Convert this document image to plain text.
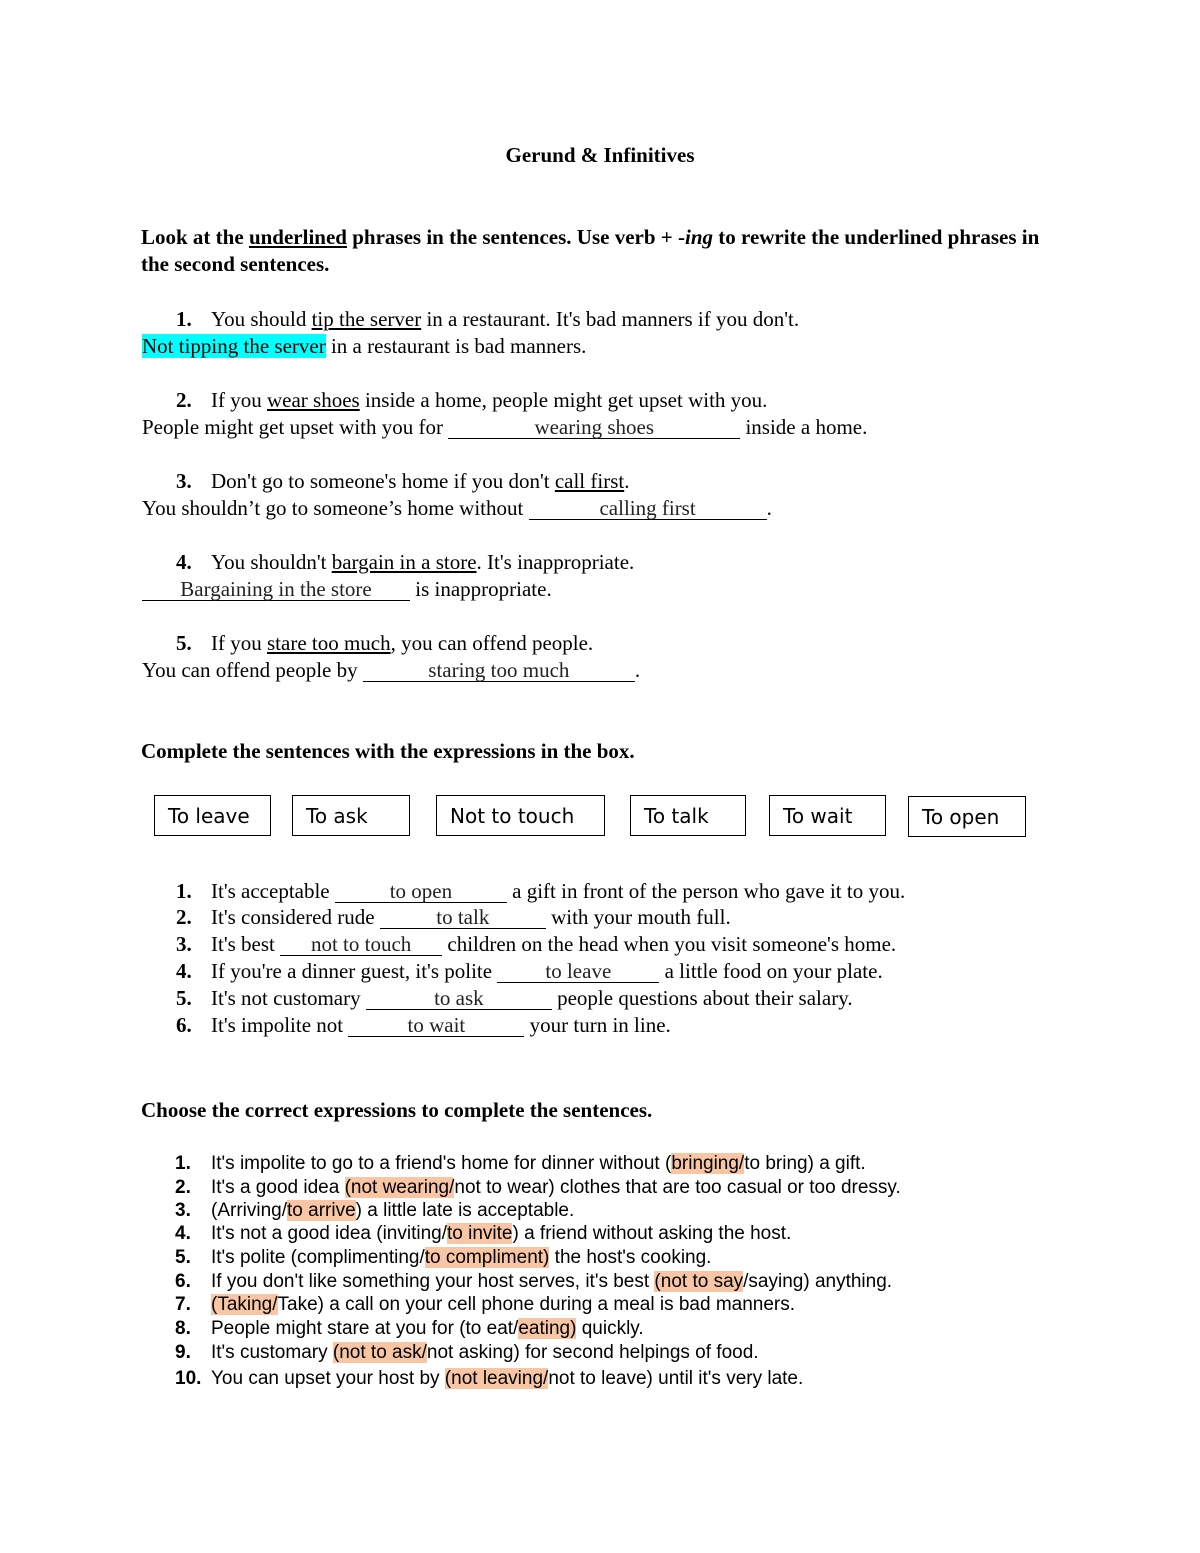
Gerund & Infinitives
Look at the underlined phrases in the sentences. Use verb + -ing to rewrite the underlined phrases in the second sentences.
1. You should tip the server in a restaurant. It's bad manners if you don't.
Not tipping the server in a restaurant is bad manners.
2. If you wear shoes inside a home, people might get upset with you.
People might get upset with you for	wearing shoes	inside a home.
3. Don't go to someone's home if you don't call first.
You shouldn’t go to someone’s home without	calling first	.
4. You shouldn't bargain in a store. It's inappropriate.
Bargaining in the store is inappropriate.
5. If you stare too much, you can offend people.
You can offend people by	staring too much	.
Complete the sentences with the expressions in the box.
To leave	To ask	Not to touch	To talk	To wait	To open
1. It's acceptable	to open	a gift in front of the person who gave it to you.
2. It's considered rude	to talk	with your mouth full.
3. It's best not to touch children on the head when you visit someone's home.
4. If you're a dinner guest, it's polite to leave a little food on your plate.
5. It's not customary	to ask	people questions about their salary.
6. It's impolite not	to wait	your turn in line.
Choose the correct expressions to complete the sentences.
1. It's impolite to go to a friend's home for dinner without (bringing/to bring) a gift.
2. It's a good idea (not wearing/not to wear) clothes that are too casual or too dressy.
3. (Arriving/to arrive) a little late is acceptable.
4. It's not a good idea (inviting/to invite) a friend without asking the host.
5. It's polite (complimenting/to compliment) the host's cooking.
6. If you don't like something your host serves, it's best (not to say/saying) anything.
7. (Taking/Take) a call on your cell phone during a meal is bad manners.
8. People might stare at you for (to eat/eating) quickly.
9. It's customary (not to ask/not asking) for second helpings of food.
10. You can upset your host by (not leaving/not to leave) until it's very late.
